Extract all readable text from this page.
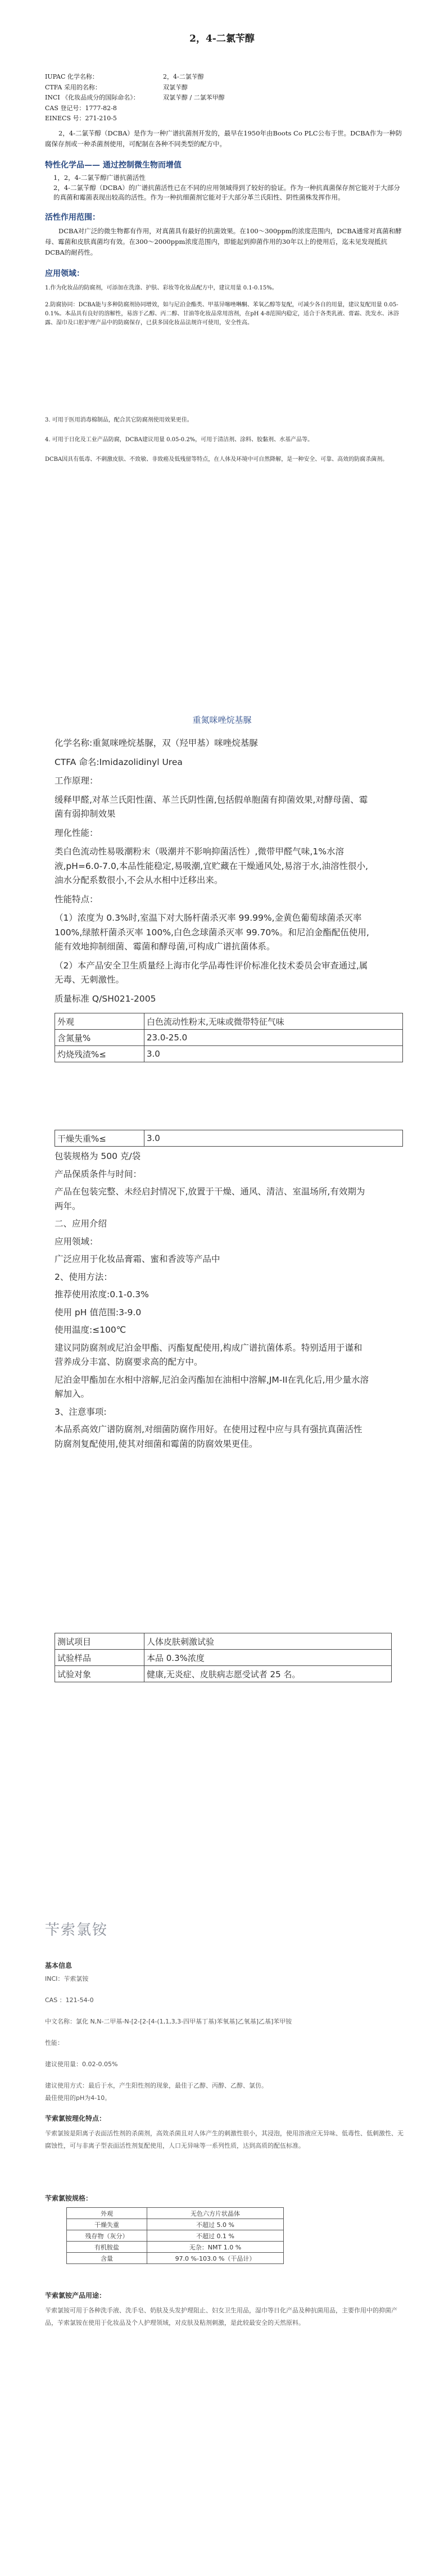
2，4-二氯苄醇
IUPAC 化学名称：	2，4-二氯苄醇
CTFA 采用的名称：	双氯苄醇
INCI 《化妆品成分的国际命名》：	双氯苄醇 / 二氯苯甲醇
CAS 登记号：1777-82-8
EINECS 号：271-210-5

2，4-二氯苄醇（DCBA）是作为一种广谱抗菌剂开发的，最早在1950年由Boots Co PLC公布于世。DCBA作为一种防腐保存剂或一种杀菌剂使用，可配制在各种不同类型的配方中。

特性化学品—— 通过控制微生物而增值

1，2，4-二氯苄醇广谱抗菌活性

2，4-二氯苄醇（DCBA）的广谱抗菌活性已在不同的应用领域得到了较好的验证。作为一种抗真菌保存剂它能对于大部分的真菌和霉菌表现出较高的活性。作为一种抗细菌剂它能对于大部分革兰氏阳性、阴性菌株发挥作用。

活性作用范围：

DCBA对广泛的微生物都有作用，对真菌具有最好的抗菌效果。在100～300ppm的浓度范围内，DCBA通常对真菌和酵母、霉菌和皮肤真菌均有效。在300～2000ppm浓度范围内，即能起到抑菌作用的30年以上的使用后，迄未见发现抵抗DCBA的耐药性。

应用领域：

1.作为化妆品的防腐剂，可添加在洗涤、护肤、彩妆等化妆品配方中，建议用量 0.1-0.15%。

2.防腐协同：DCBA能与多种防腐剂协同增效，如与尼泊金酯类、甲基异噻唑啉酮、苯氧乙醇等复配，可减少各自的用量，建议复配用量 0.05-0.1%。本品具有良好的溶解性，易溶于乙醇、丙二醇、甘油等化妆品常用溶剂，在pH 4-8范围内稳定，适合于各类乳液、膏霜、洗发水、沐浴露、湿巾及口腔护理产品中的防腐保存，已获多国化妆品法规许可使用，安全性高。

3. 可用于医用消毒棉制品，配合其它防腐剂使用效果更佳。

4. 可用于日化及工业产品防腐，DCBA建议用量 0.05-0.2%，可用于清洁剂、涂料、胶黏剂、水基产品等。

DCBA因具有低毒、不刺激皮肤、不致敏、非致癌及低残留等特点，在人体及环境中可自然降解，是一种安全、可靠、高效的防腐杀菌剂。

重氮咪唑烷基脲

化学名称:重氮咪唑烷基脲，双（羟甲基）咪唑烷基脲

CTFA 命名:Imidazolidinyl Urea

工作原理：

缓释甲醛,对革兰氏阳性菌、革兰氏阴性菌,包括假单胞菌有抑菌效果,对酵母菌、霉菌有弱抑制效果

理化性能：

类白色流动性易吸潮粉末（吸潮并不影响抑菌活性）,微带甲醛气味,1%水溶液,pH=6.0-7.0,本品性能稳定,易吸潮,宜贮藏在干燥通风处,易溶于水,油溶性很小,油水分配系数很小,不会从水相中迁移出来。

性能特点：

（1）浓度为 0.3%时,室温下对大肠杆菌杀灭率 99.99%,金黄色葡萄球菌杀灭率 100%,绿脓杆菌杀灭率 100%,白色念球菌杀灭率 99.70%。和尼泊金酯配伍使用,能有效地抑制细菌、霉菌和酵母菌,可构成广谱抗菌体系。

（2）本产品安全卫生质量经上海市化学品毒性评价标准化技术委员会审查通过,属无毒、无刺激性。

质量标准 Q/SH021-2005

外观	白色流动性粉末,无味或微带特征气味
含氮量%	23.0-25.0
灼烧残渣%≤	3.0
干燥失重%≤	3.0

包装规格为 500 克/袋

产品保质条件与时间：

产品在包装完整、未经启封情况下,放置于干燥、通风、清洁、室温场所,有效期为两年。

二、应用介绍

应用领域：

广泛应用于化妆品膏霜、蜜和香波等产品中

2、使用方法：

推荐使用浓度:0.1-0.3%

使用 pH 值范围:3-9.0

使用温度:≤100℃

建议同防腐剂或尼泊金甲酯、丙酯复配使用,构成广谱抗菌体系。特别适用于谨和营养成分丰富、防腐要求高的配方中。

尼泊金甲酯加在水相中溶解,尼泊金丙酯加在油相中溶解,JM-II在乳化后,用少量水溶解加入。

3、注意事项:

本品系高效广谱防腐剂,对细菌防腐作用好。在使用过程中应与具有强抗真菌活性防腐剂复配使用,使其对细菌和霉菌的防腐效果更佳。

测试项目	人体皮肤刺激试验
试验样品	本品 0.3%浓度
试验对象	健康,无炎症、皮肤病志愿受试者 25 名。
苄索氯铵
基本信息

INCI：苄索氯铵

CAS ：121-54-0

中文名称：氯化 N,N-二甲基-N-[2-[2-[4-(1,1,3,3-四甲基丁基)苯氧基]乙氧基]乙基]苯甲铵

性能：

建议使用量：0.02-0.05%

建议使用方式：最后于水，产生阳性剂的现象，最佳于乙醇、丙醇、乙醇、氯仿。

最佳使用的pH为4-10。

苄索氯铵理化特点：

苄索氯铵是阳离子表面活性剂的杀菌剂，高效杀菌且对人体产生的刺激性很小，其浸泡，使用溶液应无异味、低毒性、低刺激性、无腐蚀性，可与非离子型表面活性剂复配使用，人口无异味等一系列性质，达到高质的配伍标准。

苄索氯铵规格：
外观	无色六方片状晶体
干燥失重	不超过 5.0 %
残存物（灰分）	不超过 0.1 %
有机胺盐	无杂：NMT 1.0 %
含量	97.0 %-103.0 %（干品计）
苄索氯铵产品用途：

苄索氯铵可用于各种洗手液、洗手皂、奶肤及头发护理阻止、妇女卫生用品，湿巾等日化产品及种抗菌用品，主要作用中的抑菌产品，苄索氯铵在使用于化妆品及个人护理领域，对皮肤及粘剂刺激，是此较最安全的天然原料。
